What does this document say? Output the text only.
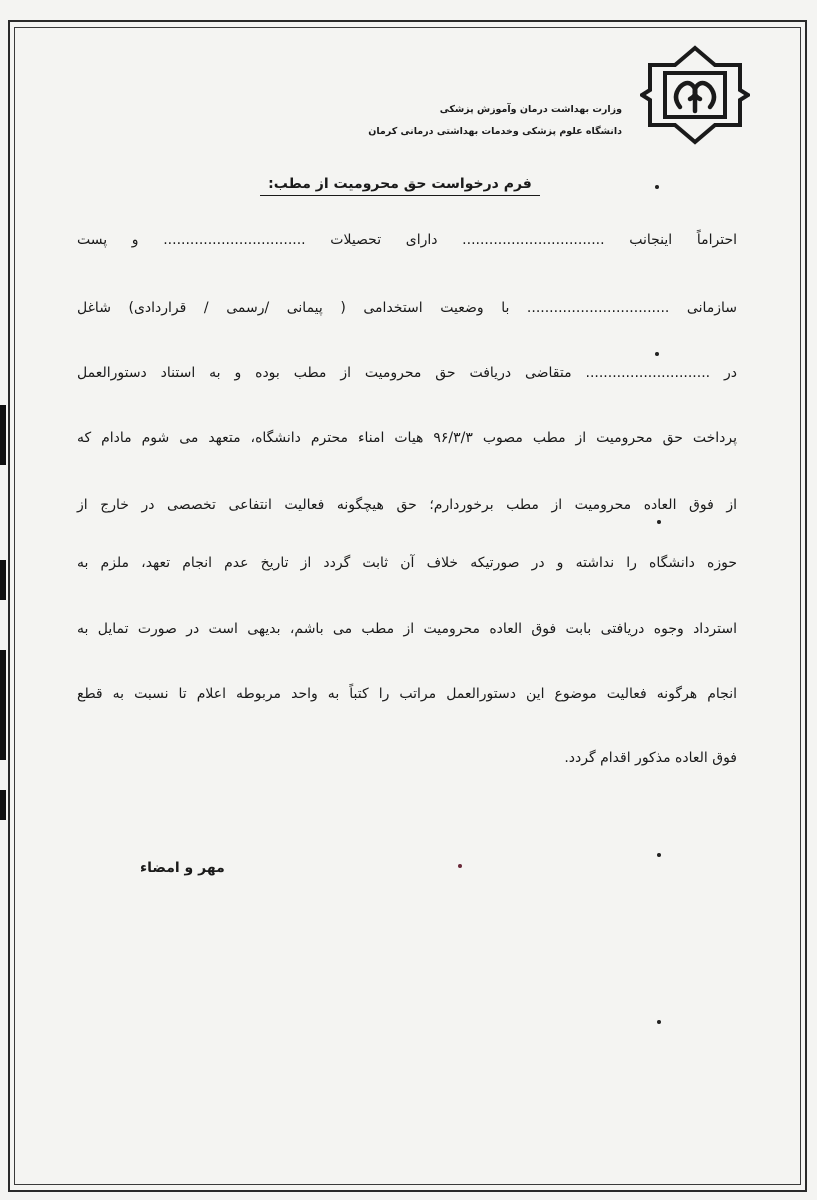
وزارت بهداشت درمان وآموزش پزشکی
دانشگاه علوم پزشکی وخدمات بهداشتی درمانی کرمان
فرم درخواست حق محرومیت از مطب:
احتراماً اینجانب ................................ دارای تحصیلات ................................ و پست
سازمانی ................................ با وضعیت استخدامی ( پیمانی /رسمی / قراردادی) شاغل
در ............................ متقاضی دریافت حق محرومیت از مطب بوده و به استناد دستورالعمل
پرداخت حق محرومیت از مطب مصوب ۹۶/۳/۳ هیات امناء محترم دانشگاه، متعهد می شوم مادام که
از فوق العاده محرومیت از مطب برخوردارم؛ حق هیچگونه فعالیت انتفاعی تخصصی در خارج از
حوزه دانشگاه را نداشته و در صورتیکه خلاف آن ثابت گردد از تاریخ عدم انجام تعهد، ملزم به
استرداد وجوه دریافتی بابت فوق العاده محرومیت از مطب می باشم، بدیهی است در صورت تمایل به
انجام هرگونه فعالیت موضوع این دستورالعمل مراتب را کتباً به واحد مربوطه اعلام تا نسبت به قطع
فوق العاده مذکور اقدام گردد.
مهر و امضاء
